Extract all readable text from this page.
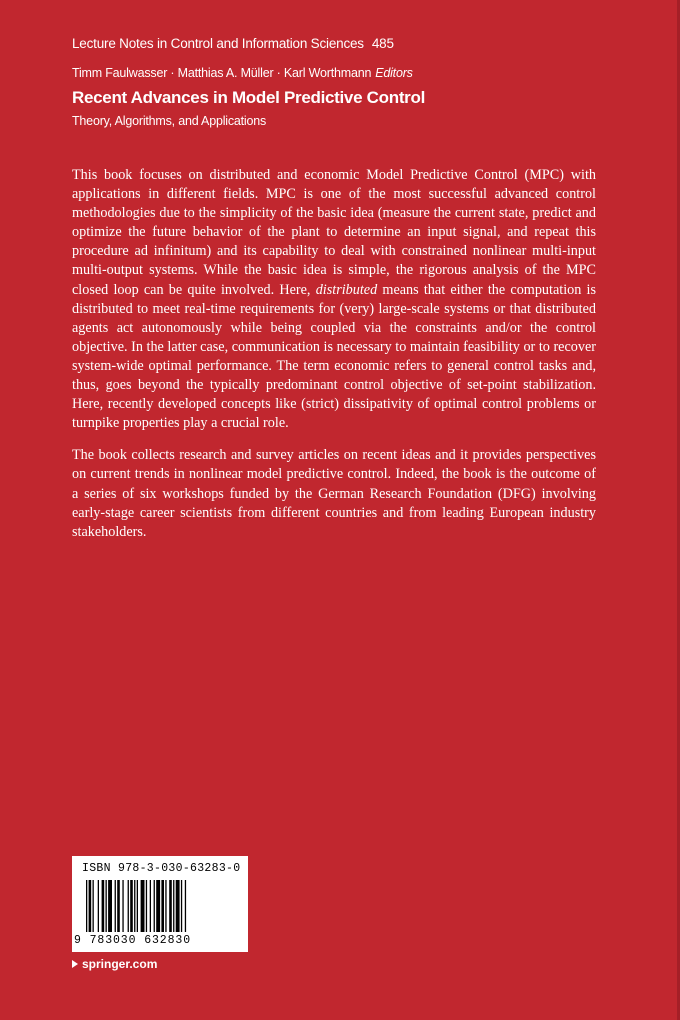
Lecture Notes in Control and Information Sciences 485
Timm Faulwasser · Matthias A. Müller · Karl Worthmann Editors
Recent Advances in Model Predictive Control
Theory, Algorithms, and Applications

This book focuses on distributed and economic Model Predictive Control (MPC) with applications in different fields. MPC is one of the most successful advanced control methodologies due to the simplicity of the basic idea (measure the current state, predict and optimize the future behavior of the plant to determine an input signal, and repeat this procedure ad infinitum) and its capability to deal with constrained nonlinear multi-input multi-output systems. While the basic idea is simple, the rigorous analysis of the MPC closed loop can be quite involved. Here, distributed means that either the computation is distributed to meet real-time requirements for (very) large-scale systems or that distributed agents act autonomously while being coupled via the constraints and/or the control objective. In the latter case, communication is necessary to maintain feasibility or to recover system-wide optimal performance. The term economic refers to general control tasks and, thus, goes beyond the typically predominant control objective of set-point stabilization. Here, recently developed concepts like (strict) dissipativity of optimal control problems or turnpike properties play a crucial role.

The book collects research and survey articles on recent ideas and it provides perspectives on current trends in nonlinear model predictive control. Indeed, the book is the outcome of a series of six workshops funded by the German Research Foundation (DFG) involving early-stage career scientists from different countries and from leading European industry stakeholders.

ISBN 978-3-030-63283-0
9 783030 632830
springer.com
